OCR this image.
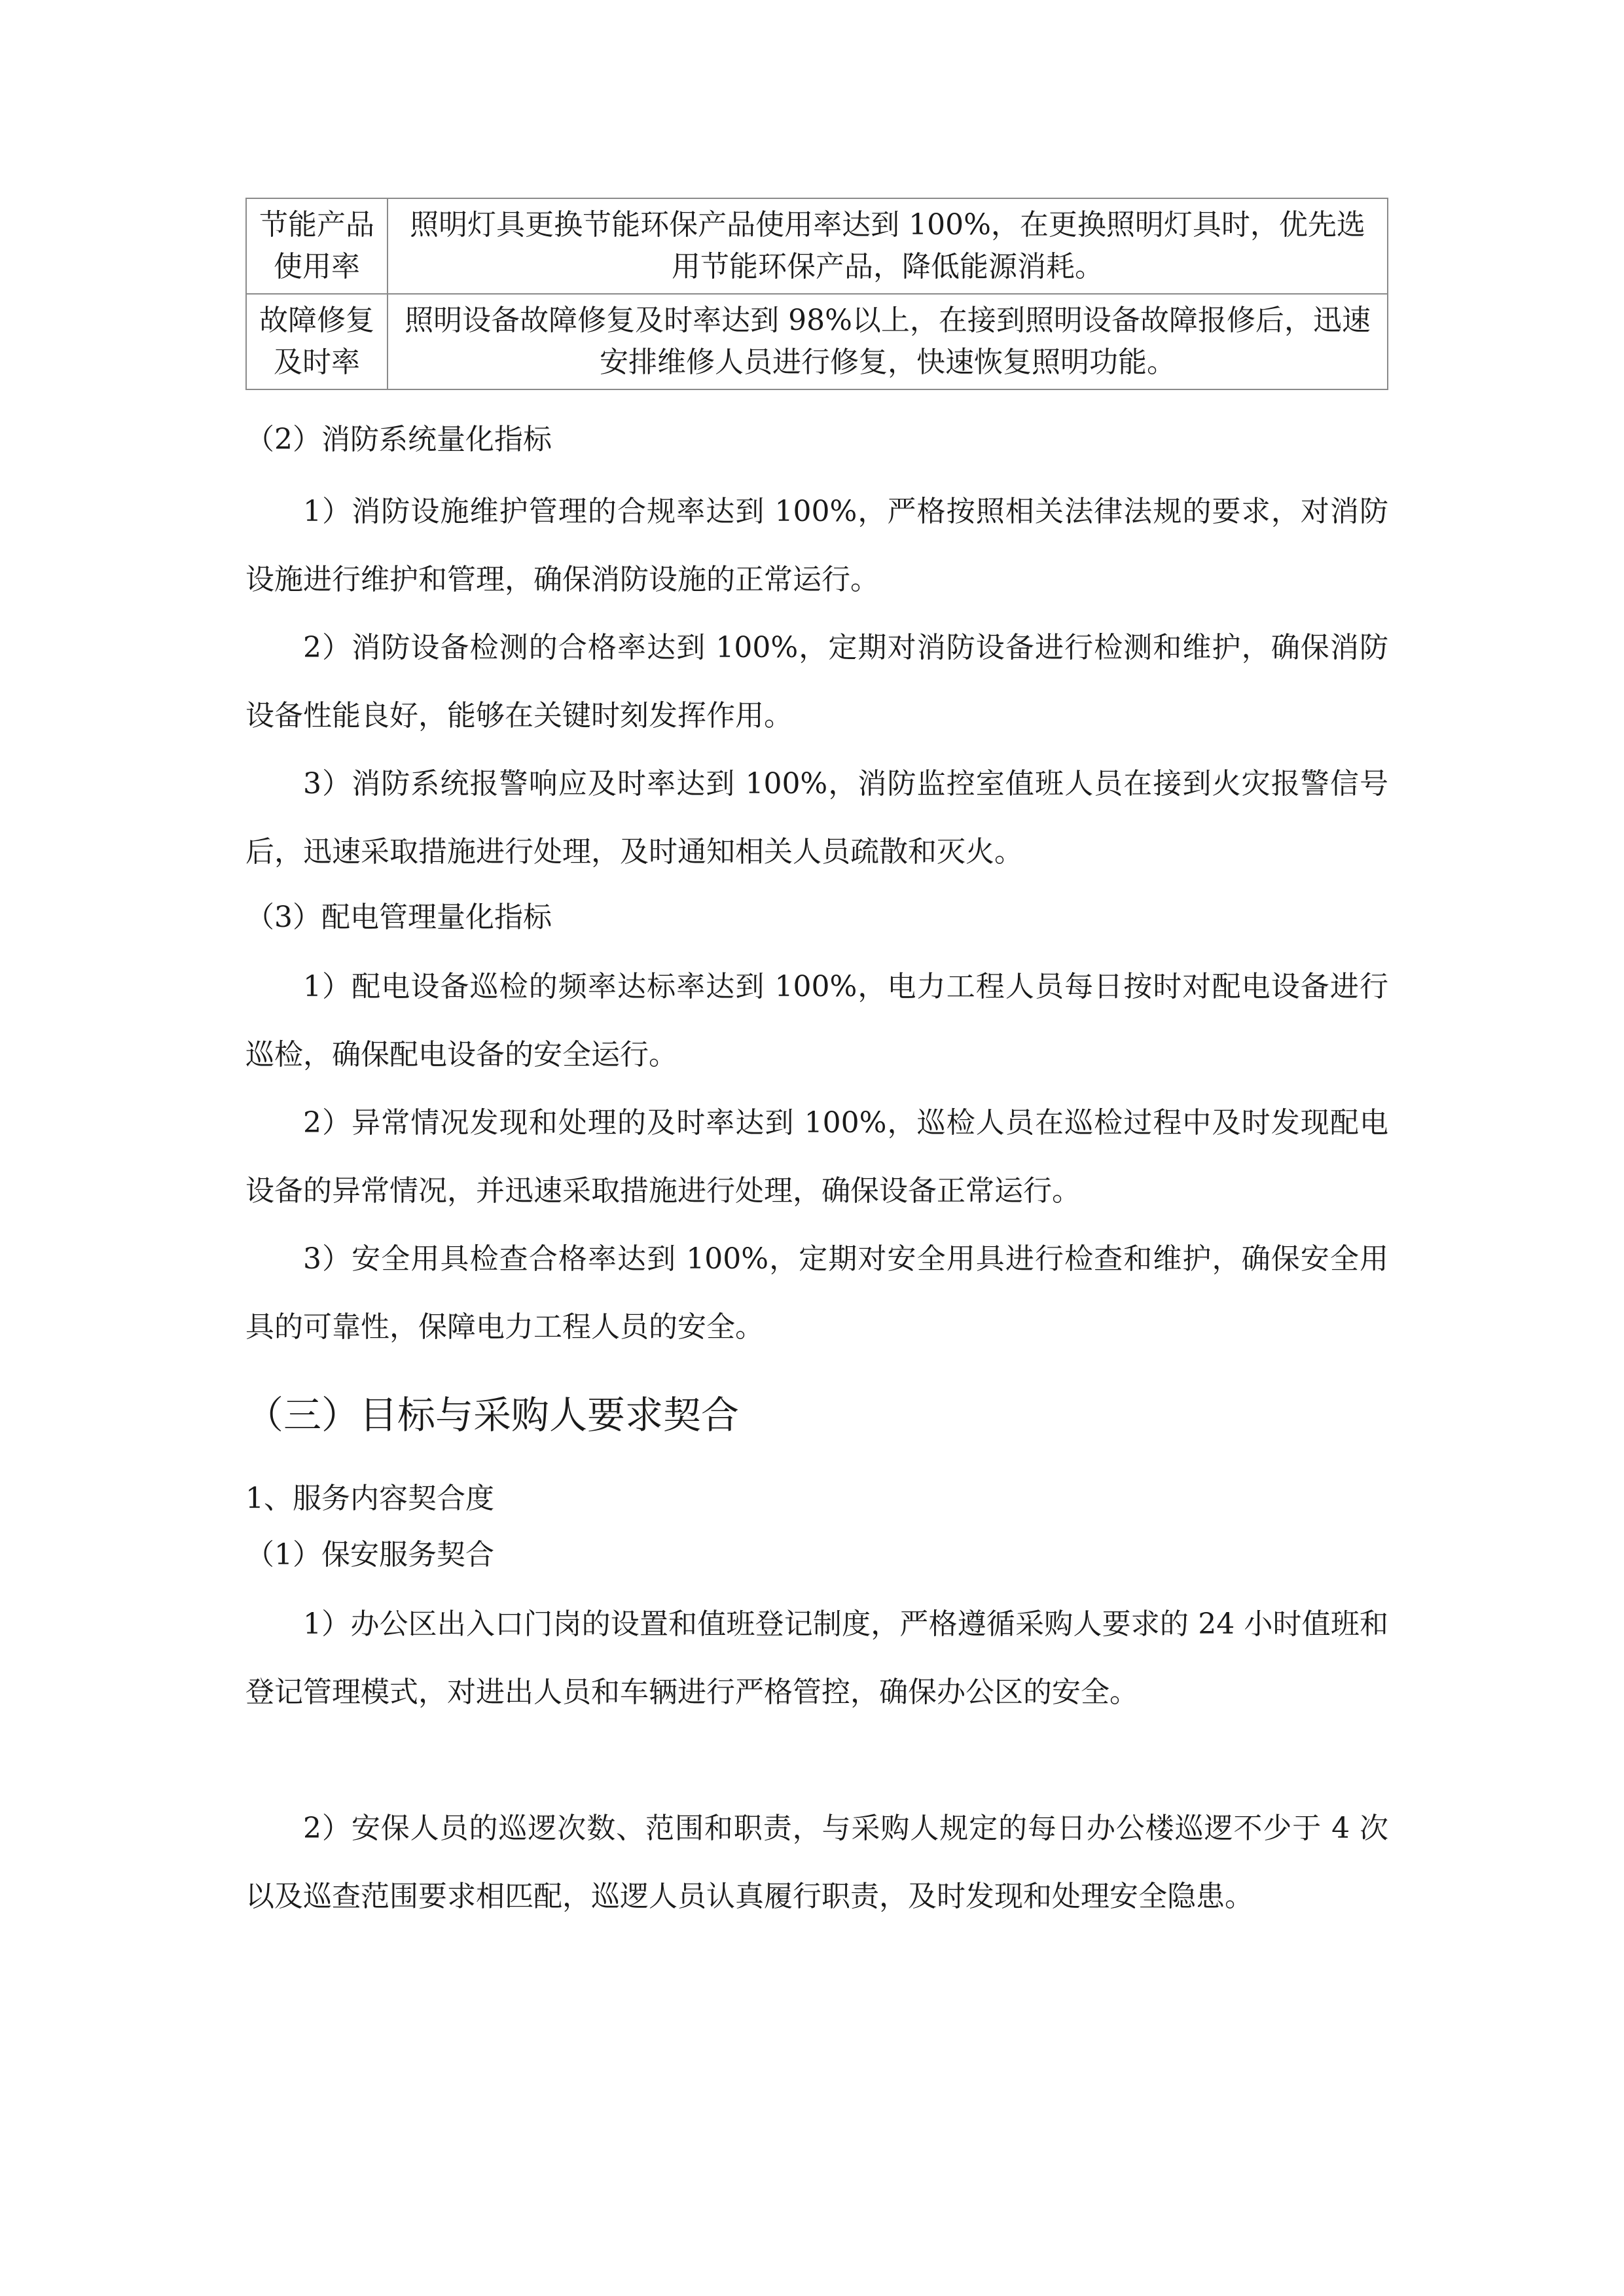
节能产品使用率	照明灯具更换节能环保产品使用率达到 100%，在更换照明灯具时，优先选用节能环保产品，降低能源消耗。
故障修复及时率	照明设备故障修复及时率达到 98%以上，在接到照明设备故障报修后，迅速安排维修人员进行修复，快速恢复照明功能。

（2）消防系统量化指标

1）消防设施维护管理的合规率达到 100%，严格按照相关法律法规的要求，对消防设施进行维护和管理，确保消防设施的正常运行。

2）消防设备检测的合格率达到 100%，定期对消防设备进行检测和维护，确保消防设备性能良好，能够在关键时刻发挥作用。

3）消防系统报警响应及时率达到 100%，消防监控室值班人员在接到火灾报警信号后，迅速采取措施进行处理，及时通知相关人员疏散和灭火。

（3）配电管理量化指标

1）配电设备巡检的频率达标率达到 100%，电力工程人员每日按时对配电设备进行巡检，确保配电设备的安全运行。

2）异常情况发现和处理的及时率达到 100%，巡检人员在巡检过程中及时发现配电设备的异常情况，并迅速采取措施进行处理，确保设备正常运行。

3）安全用具检查合格率达到 100%，定期对安全用具进行检查和维护，确保安全用具的可靠性，保障电力工程人员的安全。

（三）目标与采购人要求契合

1、服务内容契合度

（1）保安服务契合

1）办公区出入口门岗的设置和值班登记制度，严格遵循采购人要求的 24 小时值班和登记管理模式，对进出人员和车辆进行严格管控，确保办公区的安全。

2）安保人员的巡逻次数、范围和职责，与采购人规定的每日办公楼巡逻不少于 4 次以及巡查范围要求相匹配，巡逻人员认真履行职责，及时发现和处理安全隐患。
